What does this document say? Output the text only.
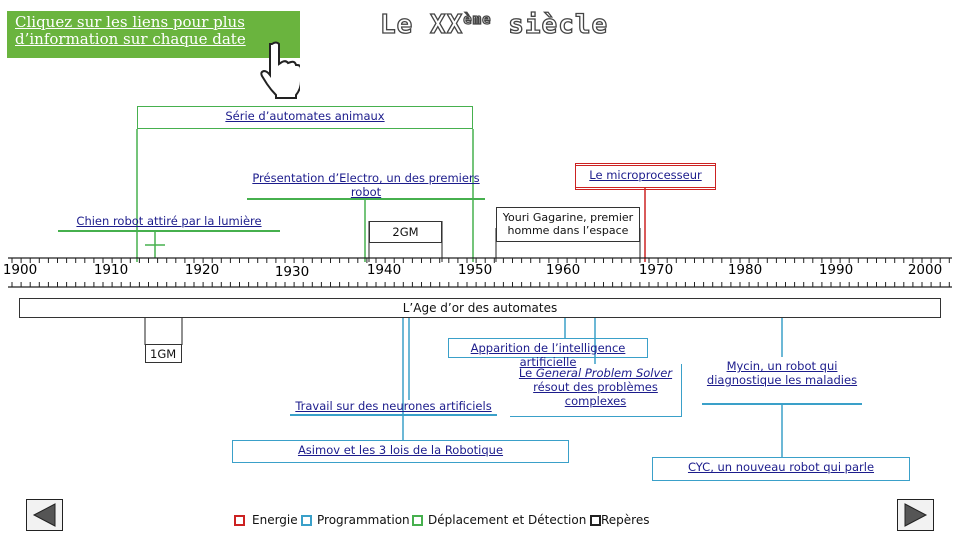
Cliquez sur les liens pour plus d’information sur chaque date	Le XXème siècle
1900	1910	1920	1930	1940	1950	1960	1970	1980	1990	2000
Série d’automates animaux
Présentation d’Electro, un des premiers robot
Le microprocesseur
Chien robot attiré par la lumière
2GM
Youri Gagarine, premier homme dans l’espace
L’Age d’or des automates
1GM	Apparition de l’intelligence artificielle
Le General Problem Solver résout des problèmes complexes
Travail sur des neurones artificiels
Mycin, un robot qui diagnostique les maladies
Asimov et les 3 lois de la Robotique
CYC, un nouveau robot qui parle
Energie Programmation Déplacement et Détection Repères
